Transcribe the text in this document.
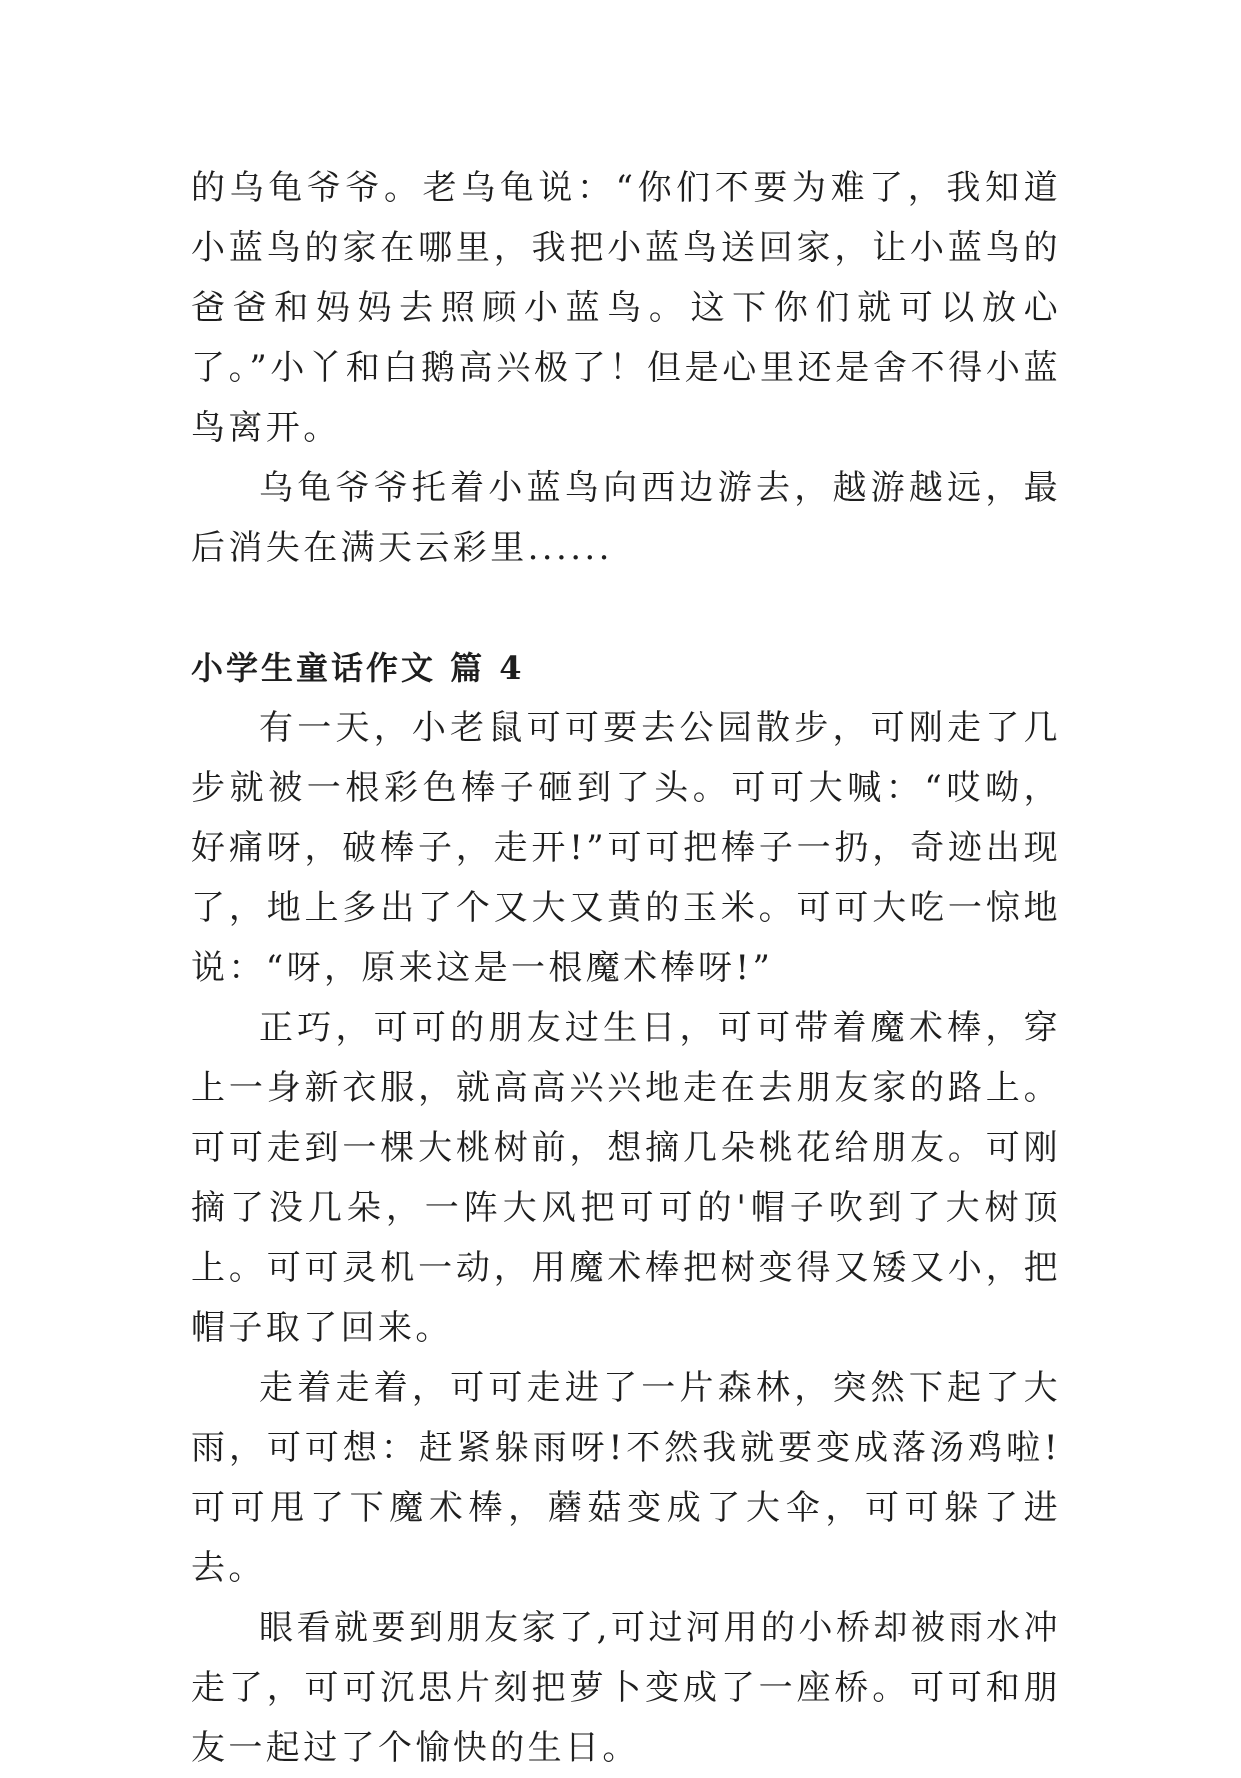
的乌龟爷爷。老乌龟说：“你们不要为难了，我知道小蓝鸟的家在哪里，我把小蓝鸟送回家，让小蓝鸟的爸爸和妈妈去照顾小蓝鸟。这下你们就可以放心了。”小丫和白鹅高兴极了！但是心里还是舍不得小蓝鸟离开。

乌龟爷爷托着小蓝鸟向西边游去，越游越远，最后消失在满天云彩里......

小学生童话作文 篇 4

有一天，小老鼠可可要去公园散步，可刚走了几步就被一根彩色棒子砸到了头。可可大喊：“哎呦，好痛呀，破棒子，走开!”可可把棒子一扔，奇迹出现了，地上多出了个又大又黄的玉米。可可大吃一惊地说：“呀，原来这是一根魔术棒呀!”

正巧，可可的朋友过生日，可可带着魔术棒，穿上一身新衣服，就高高兴兴地走在去朋友家的路上。可可走到一棵大桃树前，想摘几朵桃花给朋友。可刚摘了没几朵，一阵大风把可可的'帽子吹到了大树顶上。可可灵机一动，用魔术棒把树变得又矮又小，把帽子取了回来。

走着走着，可可走进了一片森林，突然下起了大雨，可可想：赶紧躲雨呀!不然我就要变成落汤鸡啦!可可甩了下魔术棒，蘑菇变成了大伞，可可躲了进去。

眼看就要到朋友家了,可过河用的小桥却被雨水冲走了，可可沉思片刻把萝卜变成了一座桥。可可和朋友一起过了个愉快的生日。
